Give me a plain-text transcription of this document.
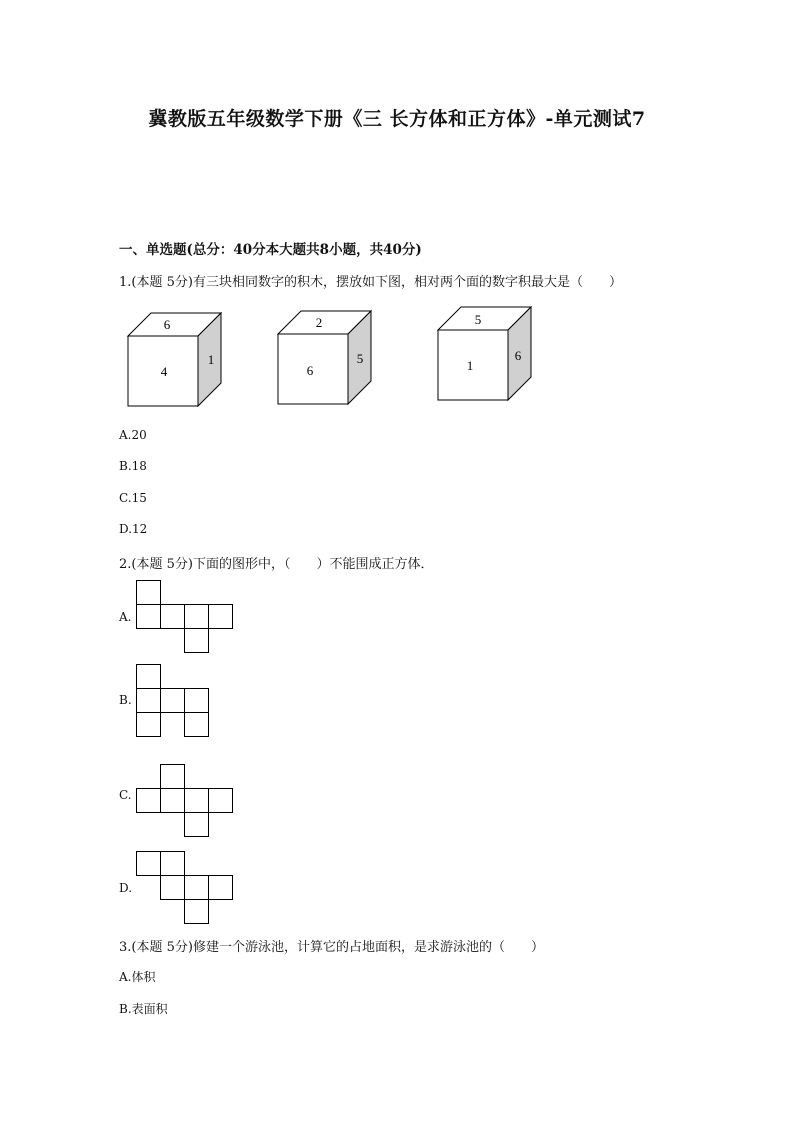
冀教版五年级数学下册《三 长方体和正方体》-单元测试7
一、单选题(总分：40分本大题共8小题，共40分)
1.(本题 5分)有三块相同数字的积木，摆放如下图，相对两个面的数字积最大是（　　）
6
4
1
2
6
5
5
1
6
A.20
B.18
C.15
D.12
2.(本题 5分)下面的图形中，（　　）不能围成正方体．
A.
B.
C.
D.
3.(本题 5分)修建一个游泳池，计算它的占地面积，是求游泳池的（　　）
A.体积
B.表面积
